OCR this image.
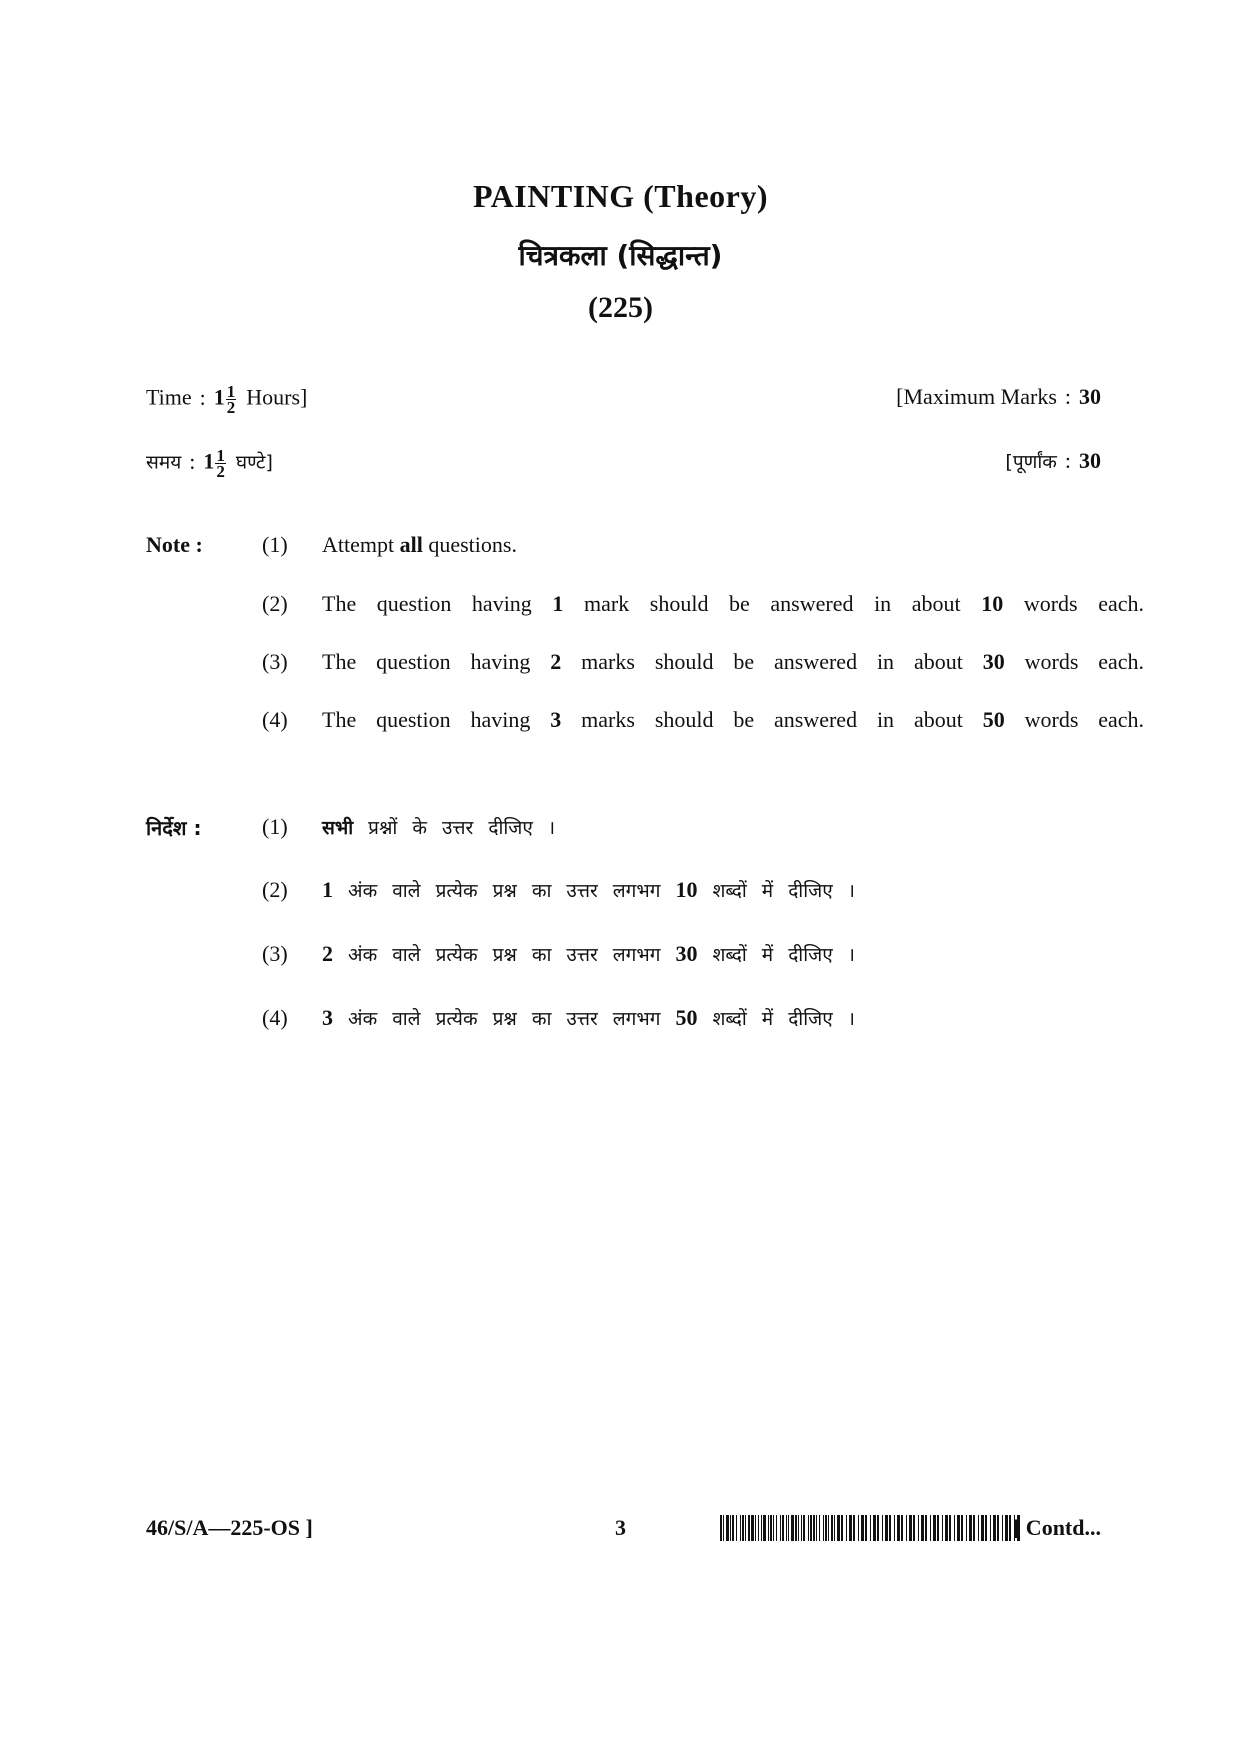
PAINTING (Theory)
चित्रकला (सिद्धान्त)
(225)
Time : $1 \frac{1}{2}$ Hours]	[Maximum Marks : 30
समय : $1 \frac{1}{2}$ घण्टे]	[पूर्णांक : 30
Note :	(1) Attempt all questions.
(2) The question having 1 mark should be answered in about 10 words each.
(3) The question having 2 marks should be answered in about 30 words each.
(4) The question having 3 marks should be answered in about 50 words each.
निर्देश :	(1) सभी प्रश्नों के उत्तर दीजिए ।
(2) 1 अंक वाले प्रत्येक प्रश्न का उत्तर लगभग 10 शब्दों में दीजिए ।
(3) 2 अंक वाले प्रत्येक प्रश्न का उत्तर लगभग 30 शब्दों में दीजिए ।
(4) 3 अंक वाले प्रत्येक प्रश्न का उत्तर लगभग 50 शब्दों में दीजिए ।
46/S/A—225-OS ]	3	[ Contd...
